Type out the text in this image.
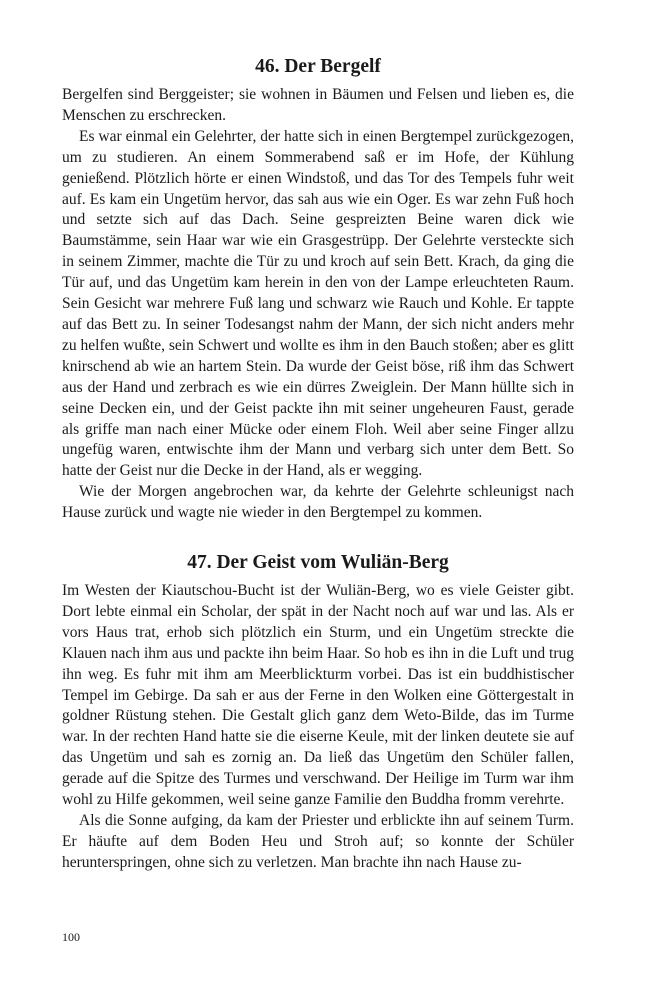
46. Der Bergelf

Bergelfen sind Berggeister; sie wohnen in Bäumen und Felsen und lieben es, die Menschen zu erschrecken.

Es war einmal ein Gelehrter, der hatte sich in einen Bergtempel zurückgezogen, um zu studieren. An einem Sommerabend saß er im Hofe, der Kühlung genießend. Plötzlich hörte er einen Windstoß, und das Tor des Tempels fuhr weit auf. Es kam ein Ungetüm hervor, das sah aus wie ein Oger. Es war zehn Fuß hoch und setzte sich auf das Dach. Seine gespreizten Beine waren dick wie Baumstämme, sein Haar war wie ein Grasgestrüpp. Der Gelehrte versteckte sich in seinem Zimmer, machte die Tür zu und kroch auf sein Bett. Krach, da ging die Tür auf, und das Ungetüm kam herein in den von der Lampe erleuchteten Raum. Sein Gesicht war mehrere Fuß lang und schwarz wie Rauch und Kohle. Er tappte auf das Bett zu. In seiner Todesangst nahm der Mann, der sich nicht anders mehr zu helfen wußte, sein Schwert und wollte es ihm in den Bauch stoßen; aber es glitt knirschend ab wie an hartem Stein. Da wurde der Geist böse, riß ihm das Schwert aus der Hand und zerbrach es wie ein dürres Zweiglein. Der Mann hüllte sich in seine Decken ein, und der Geist packte ihn mit seiner ungeheuren Faust, gerade als griffe man nach einer Mücke oder einem Floh. Weil aber seine Finger allzu ungefüg waren, entwischte ihm der Mann und verbarg sich unter dem Bett. So hatte der Geist nur die Decke in der Hand, als er wegging.

Wie der Morgen angebrochen war, da kehrte der Gelehrte schleunigst nach Hause zurück und wagte nie wieder in den Bergtempel zu kommen.

47. Der Geist vom Wuliän-Berg

Im Westen der Kiautschou-Bucht ist der Wuliän-Berg, wo es viele Geister gibt. Dort lebte einmal ein Scholar, der spät in der Nacht noch auf war und las. Als er vors Haus trat, erhob sich plötzlich ein Sturm, und ein Ungetüm streckte die Klauen nach ihm aus und packte ihn beim Haar. So hob es ihn in die Luft und trug ihn weg. Es fuhr mit ihm am Meerblickturm vorbei. Das ist ein buddhistischer Tempel im Gebirge. Da sah er aus der Ferne in den Wolken eine Göttergestalt in goldner Rüstung stehen. Die Gestalt glich ganz dem Weto-Bilde, das im Turme war. In der rechten Hand hatte sie die eiserne Keule, mit der linken deutete sie auf das Ungetüm und sah es zornig an. Da ließ das Ungetüm den Schüler fallen, gerade auf die Spitze des Turmes und verschwand. Der Heilige im Turm war ihm wohl zu Hilfe gekommen, weil seine ganze Familie den Buddha fromm verehrte.

Als die Sonne aufging, da kam der Priester und erblickte ihn auf seinem Turm. Er häufte auf dem Boden Heu und Stroh auf; so konnte der Schüler herunterspringen, ohne sich zu verletzen. Man brachte ihn nach Hause zu-

100
